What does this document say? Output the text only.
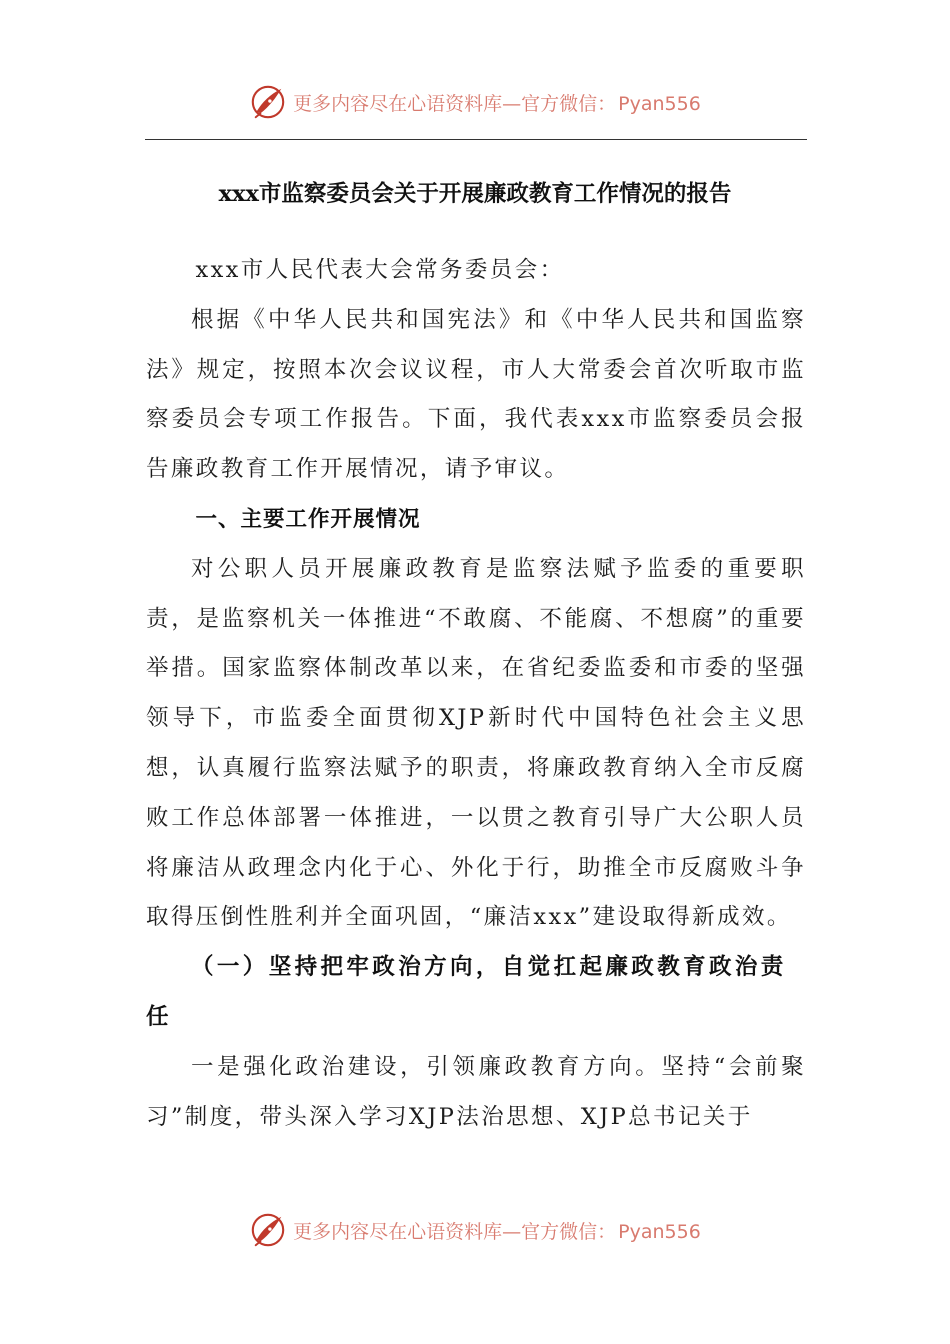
更多内容尽在心语资料库—官方微信： Pyan556
xxx市监察委员会关于开展廉政教育工作情况的报告

xxx市人民代表大会常务委员会：

根据《中华人民共和国宪法》和《中华人民共和国监察法》规定，按照本次会议议程，市人大常委会首次听取市监察委员会专项工作报告。下面，我代表xxx市监察委员会报告廉政教育工作开展情况，请予审议。

一、主要工作开展情况

对公职人员开展廉政教育是监察法赋予监委的重要职责，是监察机关一体推进“不敢腐、不能腐、不想腐”的重要举措。国家监察体制改革以来，在省纪委监委和市委的坚强领导下，市监委全面贯彻XJP新时代中国特色社会主义思想，认真履行监察法赋予的职责，将廉政教育纳入全市反腐败工作总体部署一体推进，一以贯之教育引导广大公职人员将廉洁从政理念内化于心、外化于行，助推全市反腐败斗争取得压倒性胜利并全面巩固，“廉洁xxx”建设取得新成效。

（一）坚持把牢政治方向，自觉扛起廉政教育政治责任

一是强化政治建设，引领廉政教育方向。坚持“会前聚习”制度，带头深入学习XJP法治思想、XJP总书记关于

更多内容尽在心语资料库—官方微信： Pyan556
